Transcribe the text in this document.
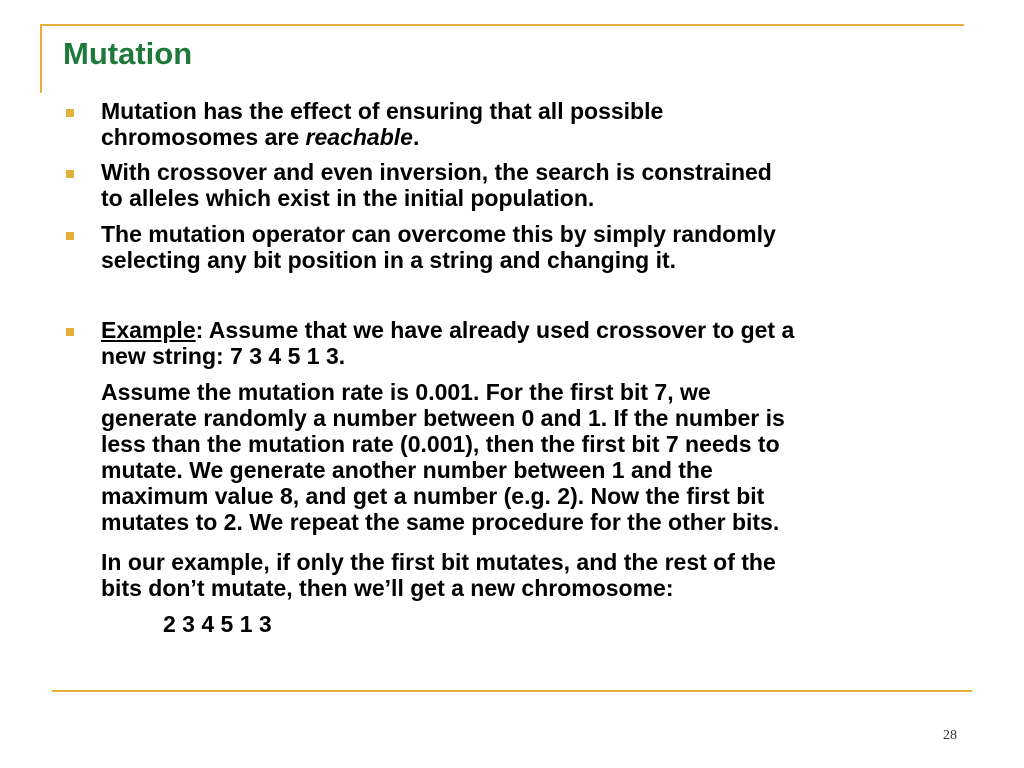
Mutation
Mutation has the effect of ensuring that all possible
chromosomes are reachable.
With crossover and even inversion, the search is constrained
to alleles which exist in the initial population.
The mutation operator can overcome this by simply randomly
selecting any bit position in a string and changing it.
Example: Assume that we have already used crossover to get a
new string: 7 3 4 5 1 3.
Assume the mutation rate is 0.001. For the first bit 7, we
generate randomly a number between 0 and 1. If the number is
less than the mutation rate (0.001), then the first bit 7 needs to
mutate. We generate another number between 1 and the
maximum value 8, and get a number (e.g. 2). Now the first bit
mutates to 2. We repeat the same procedure for the other bits.
In our example, if only the first bit mutates, and the rest of the
bits don’t mutate, then we’ll get a new chromosome:
2 3 4 5 1 3
28
